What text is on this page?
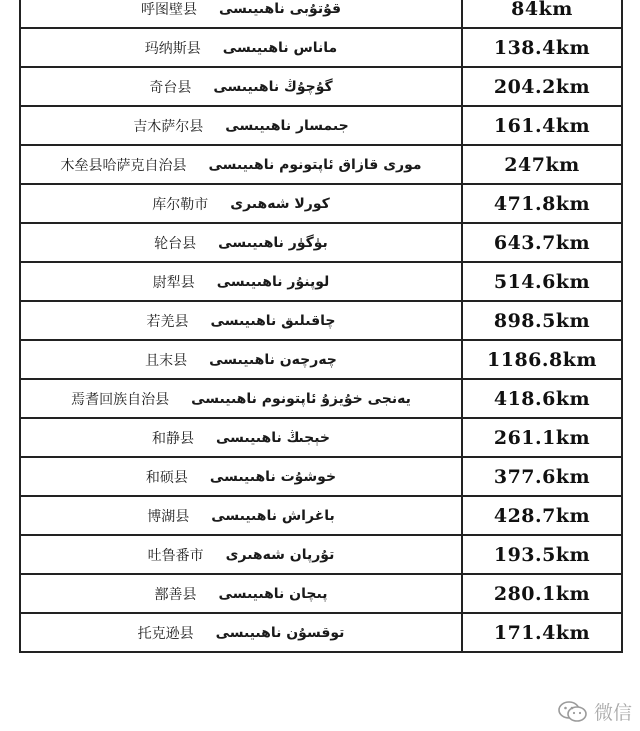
呼图壁县 قۇتۇبى ناھىيىسى	84km

玛纳斯县 ماناس ناھىيىسى	138.4km

奇台县 گۇچۇڭ ناھىيىسى	204.2km

吉木萨尔县 جىمسار ناھىيىسى	161.4km

木垒县哈萨克自治县 مورى قازاق ئاپتونوم ناھىيىسى	247km

库尔勒市 كورلا شەھىرى	471.8km

轮台县 بۈگۈر ناھىيىسى	643.7km

尉犁县 لوپنۇر ناھىيىسى	514.6km

若羌县 چاقىلىق ناھىيىسى	898.5km

且末县 چەرچەن ناھىيىسى	1186.8km

焉耆回族自治县 يەنجى خۇيزۇ ئاپتونوم ناھىيىسى	418.6km

和静县 خېجىڭ ناھىيىسى	261.1km

和硕县 خوشۇت ناھىيىسى	377.6km

博湖县 باغراش ناھىيىسى	428.7km

吐鲁番市 تۇرپان شەھىرى	193.5km

鄯善县 پىچان ناھىيىسى	280.1km

托克逊县 توقسۇن ناھىيىسى	171.4km
微信
